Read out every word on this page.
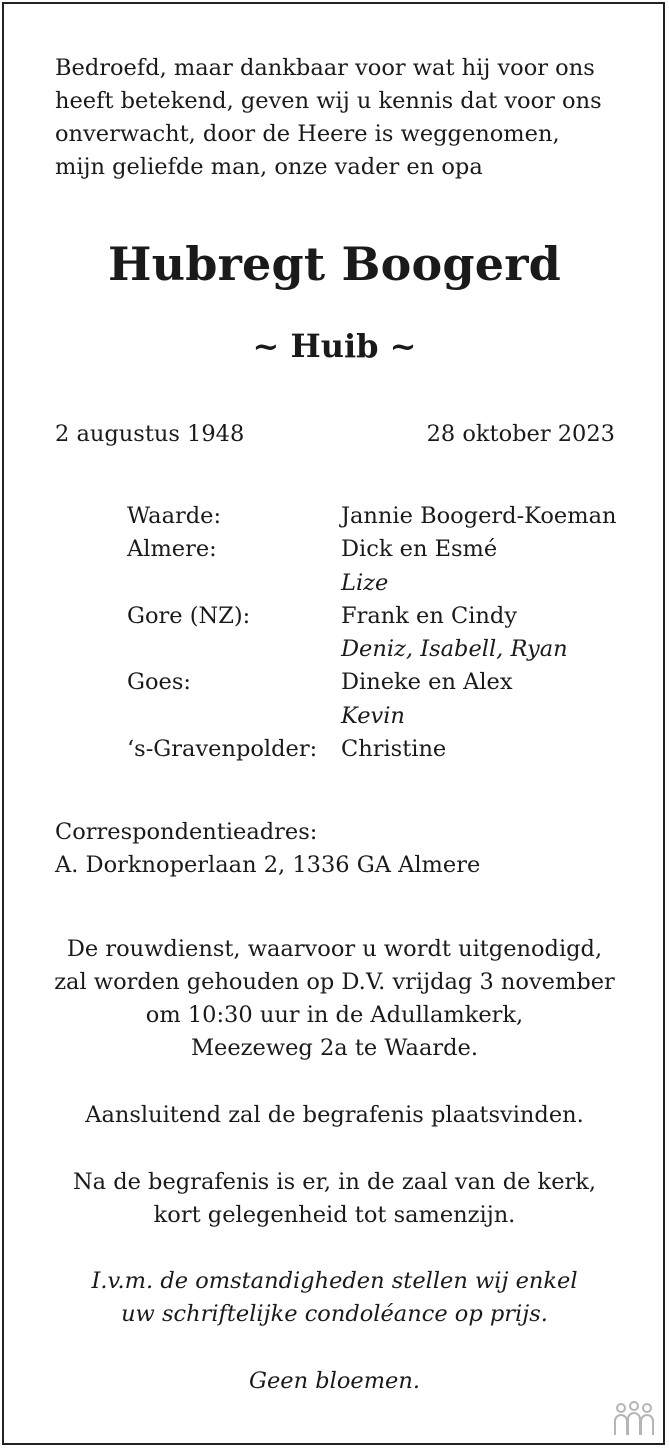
Bedroefd, maar dankbaar voor wat hij voor ons
heeft betekend, geven wij u kennis dat voor ons
onverwacht, door de Heere is weggenomen,
mijn geliefde man, onze vader en opa
Hubregt Boogerd
~ Huib ~
2 augustus 1948	28 oktober 2023
Waarde:	Jannie Boogerd-Koeman
Almere:	Dick en Esmé
Lize
Gore (NZ):	Frank en Cindy
Deniz, Isabell, Ryan
Goes:	Dineke en Alex
Kevin
‘s-Gravenpolder:	Christine
Correspondentieadres:
A. Dorknoperlaan 2, 1336 GA Almere
De rouwdienst, waarvoor u wordt uitgenodigd,
zal worden gehouden op D.V. vrijdag 3 november
om 10:30 uur in de Adullamkerk,
Meezeweg 2a te Waarde.
Aansluitend zal de begrafenis plaatsvinden.
Na de begrafenis is er, in de zaal van de kerk,
kort gelegenheid tot samenzijn.
I.v.m. de omstandigheden stellen wij enkel
uw schriftelijke condoléance op prijs.
Geen bloemen.
